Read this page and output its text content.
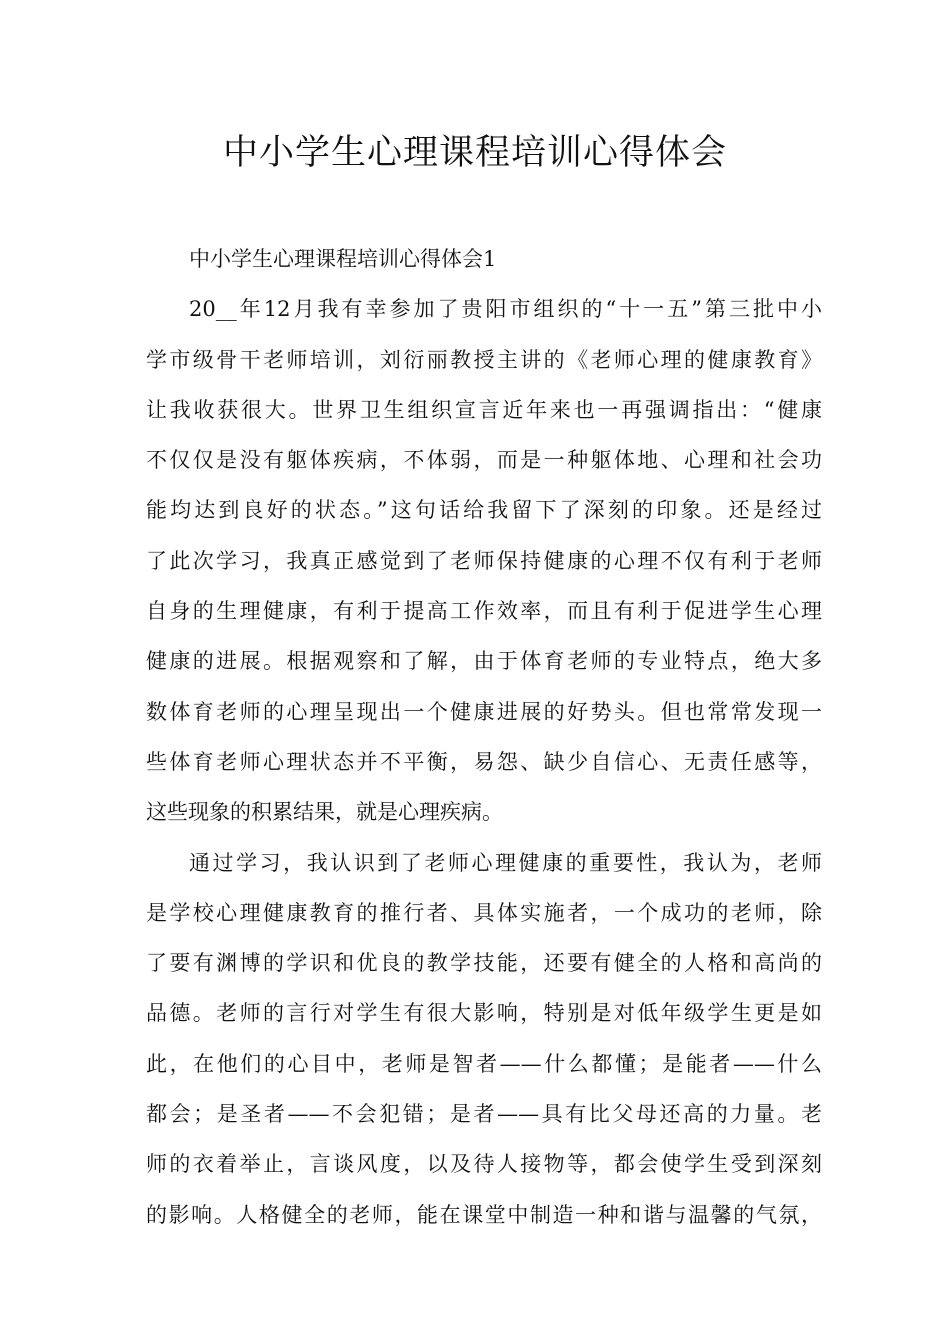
中小学生心理课程培训心得体会
中小学生心理课程培训心得体会1
20__年12月我有幸参加了贵阳市组织的“十一五”第三批中小
学市级骨干老师培训，刘衍丽教授主讲的《老师心理的健康教育》
让我收获很大。世界卫生组织宣言近年来也一再强调指出：“健康
不仅仅是没有躯体疾病，不体弱，而是一种躯体地、心理和社会功
能均达到良好的状态。”这句话给我留下了深刻的印象。还是经过
了此次学习，我真正感觉到了老师保持健康的心理不仅有利于老师
自身的生理健康，有利于提高工作效率，而且有利于促进学生心理
健康的进展。根据观察和了解，由于体育老师的专业特点，绝大多
数体育老师的心理呈现出一个健康进展的好势头。但也常常发现一
些体育老师心理状态并不平衡，易怨、缺少自信心、无责任感等，
这些现象的积累结果，就是心理疾病。
通过学习，我认识到了老师心理健康的重要性，我认为，老师
是学校心理健康教育的推行者、具体实施者，一个成功的老师，除
了要有渊博的学识和优良的教学技能，还要有健全的人格和高尚的
品德。老师的言行对学生有很大影响，特别是对低年级学生更是如
此，在他们的心目中，老师是智者——什么都懂；是能者——什么
都会；是圣者——不会犯错；是者——具有比父母还高的力量。老
师的衣着举止，言谈风度，以及待人接物等，都会使学生受到深刻
的影响。人格健全的老师，能在课堂中制造一种和谐与温馨的气氛，
